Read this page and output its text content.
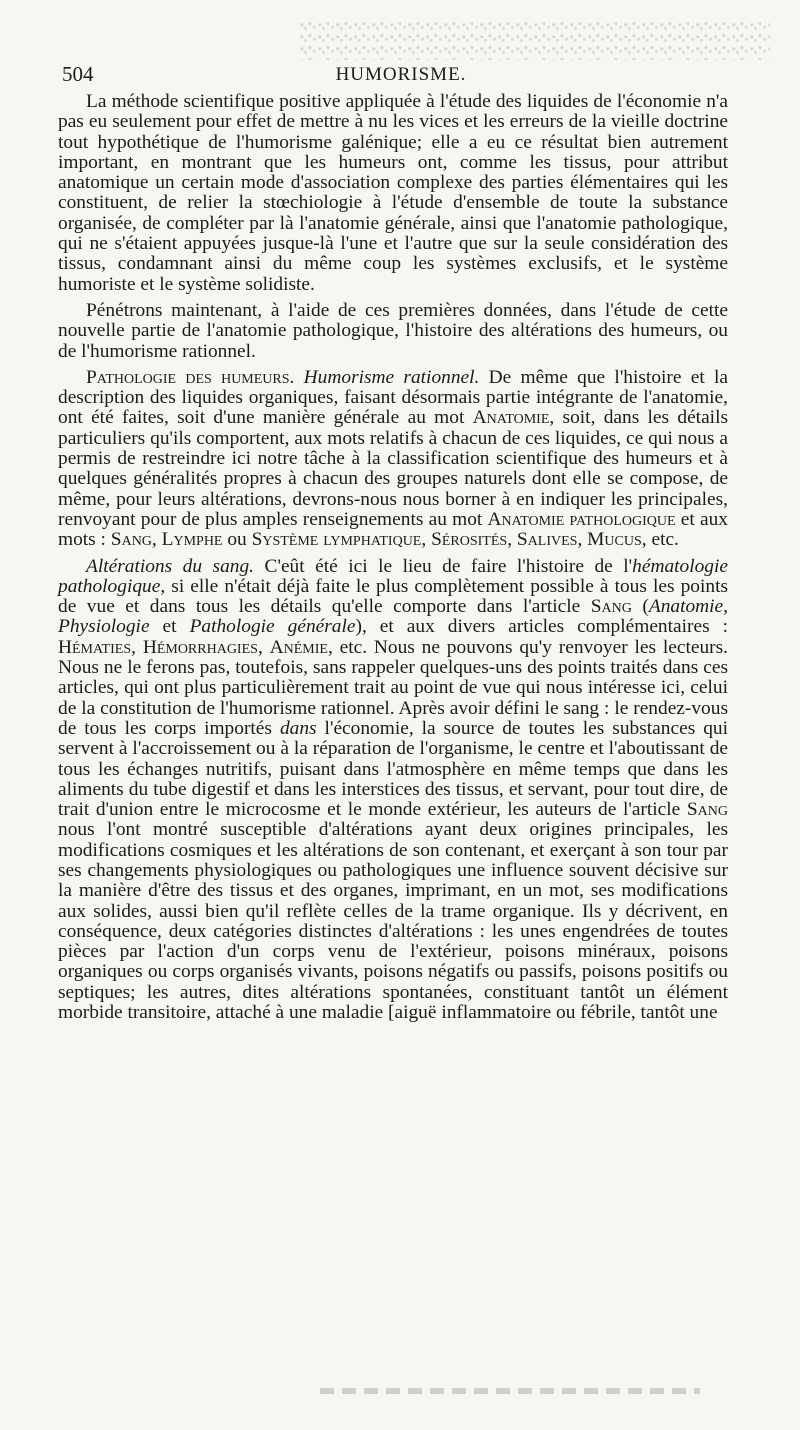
504	HUMORISME.

La méthode scientifique positive appliquée à l'étude des liquides de l'économie n'a pas eu seulement pour effet de mettre à nu les vices et les erreurs de la vieille doctrine tout hypothétique de l'humorisme galénique; elle a eu ce résultat bien autrement important, en montrant que les humeurs ont, comme les tissus, pour attribut anatomique un certain mode d'association complexe des parties élémentaires qui les constituent, de relier la stœchiologie à l'étude d'ensemble de toute la substance organisée, de compléter par là l'anatomie générale, ainsi que l'anatomie pathologique, qui ne s'étaient appuyées jusque-là l'une et l'autre que sur la seule considération des tissus, condamnant ainsi du même coup les systèmes exclusifs, et le système humoriste et le système solidiste.

Pénétrons maintenant, à l'aide de ces premières données, dans l'étude de cette nouvelle partie de l'anatomie pathologique, l'histoire des altérations des humeurs, ou de l'humorisme rationnel.

Pathologie des humeurs. Humorisme rationnel. De même que l'histoire et la description des liquides organiques, faisant désormais partie intégrante de l'anatomie, ont été faites, soit d'une manière générale au mot Anatomie, soit, dans les détails particuliers qu'ils comportent, aux mots relatifs à chacun de ces liquides, ce qui nous a permis de restreindre ici notre tâche à la classification scientifique des humeurs et à quelques généralités propres à chacun des groupes naturels dont elle se compose, de même, pour leurs altérations, devrons-nous nous borner à en indiquer les principales, renvoyant pour de plus amples renseignements au mot Anatomie pathologique et aux mots : Sang, Lymphe ou Système lymphatique, Sérosités, Salives, Mucus, etc.

Altérations du sang. C'eût été ici le lieu de faire l'histoire de l'hématologie pathologique, si elle n'était déjà faite le plus complètement possible à tous les points de vue et dans tous les détails qu'elle comporte dans l'article Sang (Anatomie, Physiologie et Pathologie générale), et aux divers articles complémentaires : Hématies, Hémorrhagies, Anémie, etc. Nous ne pouvons qu'y renvoyer les lecteurs. Nous ne le ferons pas, toutefois, sans rappeler quelques-uns des points traités dans ces articles, qui ont plus particulièrement trait au point de vue qui nous intéresse ici, celui de la constitution de l'humorisme rationnel. Après avoir défini le sang : le rendez-vous de tous les corps importés dans l'économie, la source de toutes les substances qui servent à l'accroissement ou à la réparation de l'organisme, le centre et l'aboutissant de tous les échanges nutritifs, puisant dans l'atmosphère en même temps que dans les aliments du tube digestif et dans les interstices des tissus, et servant, pour tout dire, de trait d'union entre le microcosme et le monde extérieur, les auteurs de l'article Sang nous l'ont montré susceptible d'altérations ayant deux origines principales, les modifications cosmiques et les altérations de son contenant, et exerçant à son tour par ses changements physiologiques ou pathologiques une influence souvent décisive sur la manière d'être des tissus et des organes, imprimant, en un mot, ses modifications aux solides, aussi bien qu'il reflète celles de la trame organique. Ils y décrivent, en conséquence, deux catégories distinctes d'altérations : les unes engendrées de toutes pièces par l'action d'un corps venu de l'extérieur, poisons minéraux, poisons organiques ou corps organisés vivants, poisons négatifs ou passifs, poisons positifs ou septiques; les autres, dites altérations spontanées, constituant tantôt un élément morbide transitoire, attaché à une maladie [aiguë inflammatoire ou fébrile, tantôt une
